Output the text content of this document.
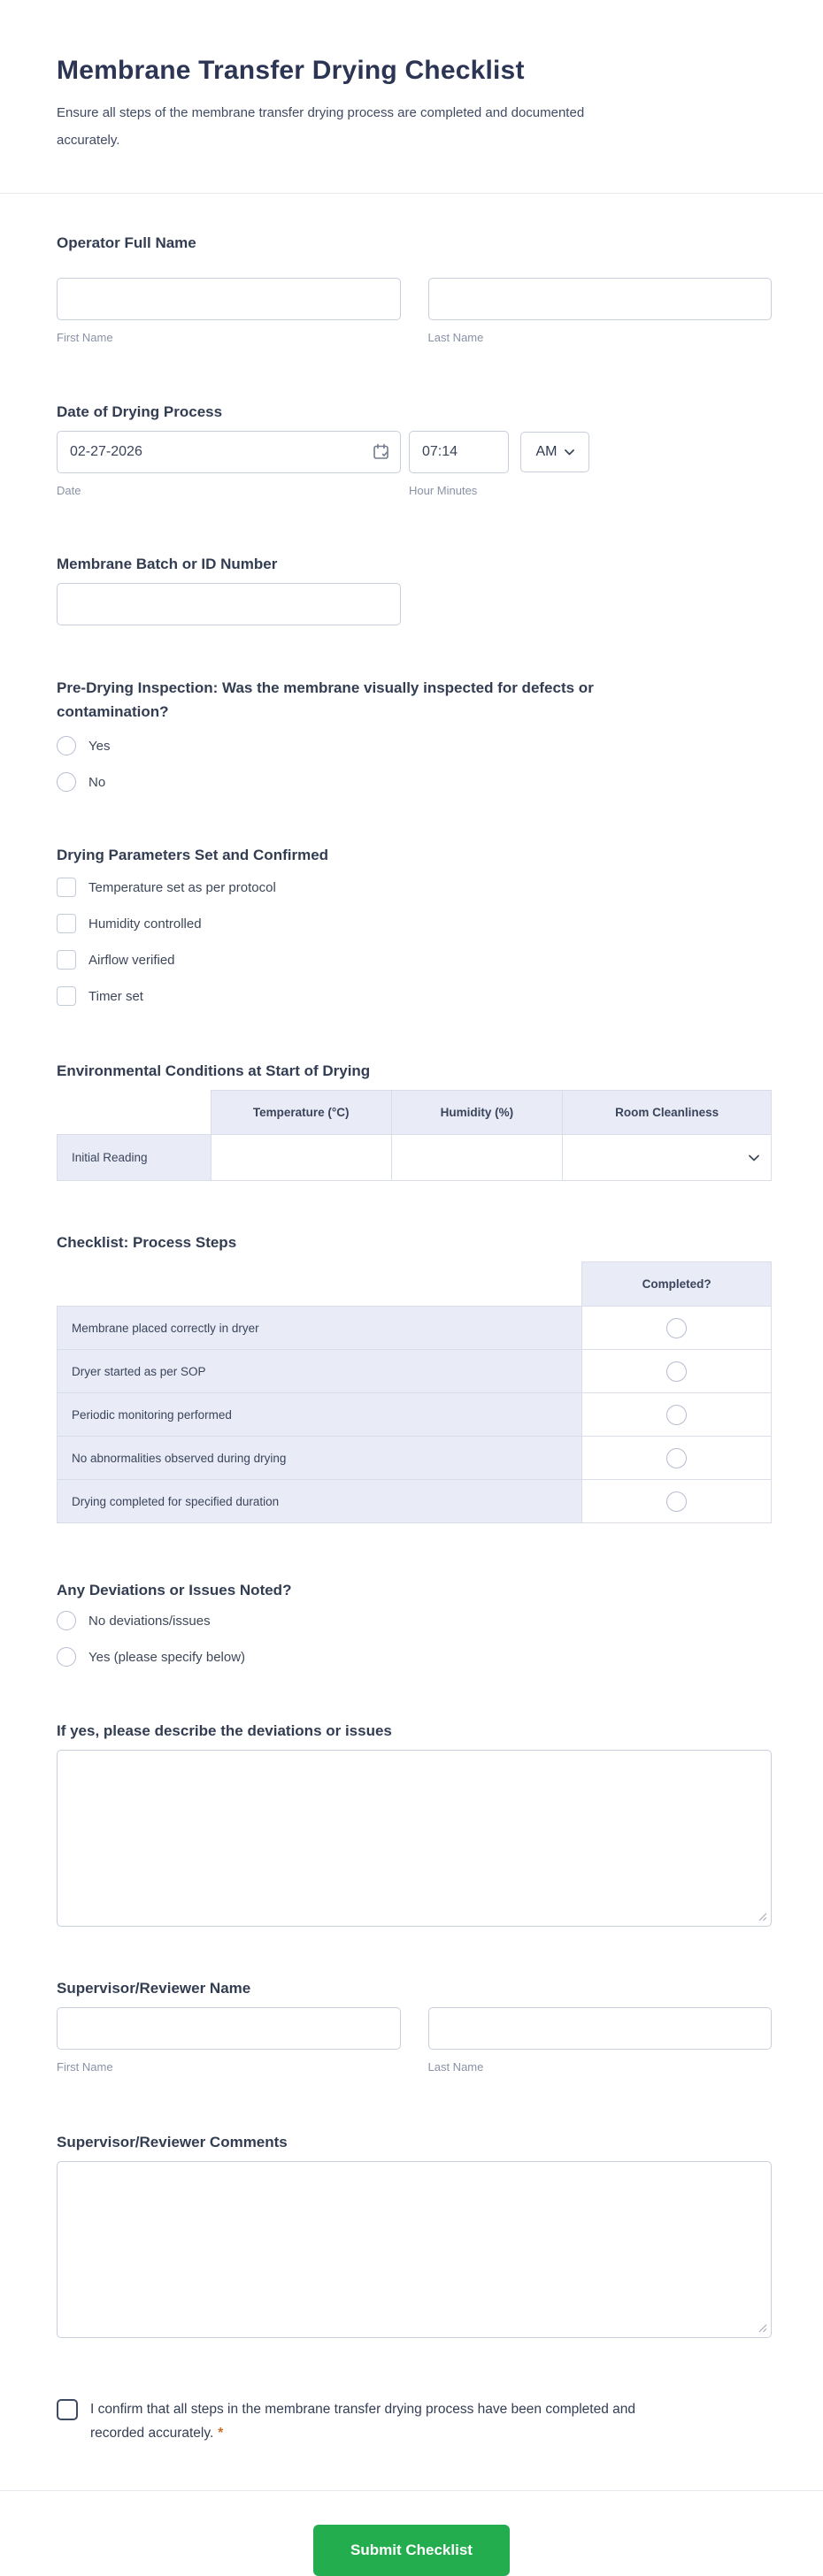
Membrane Transfer Drying Checklist
Ensure all steps of the membrane transfer drying process are completed and documented accurately.
Operator Full Name
First Name	Last Name
Date of Drying Process
02-27-2026
07:14
AM
Date	Hour Minutes
Membrane Batch or ID Number
Pre-Drying Inspection: Was the membrane visually inspected for defects or contamination?
Yes
No
Drying Parameters Set and Confirmed
Temperature set as per protocol
Humidity controlled
Airflow verified
Timer set
Environmental Conditions at Start of Drying
	Temperature (°C)	Humidity (%)	Room Cleanliness
Initial Reading			
Checklist: Process Steps
	Completed?
Membrane placed correctly in dryer	
Dryer started as per SOP	
Periodic monitoring performed	
No abnormalities observed during drying	
Drying completed for specified duration	
Any Deviations or Issues Noted?
No deviations/issues
Yes (please specify below)
If yes, please describe the deviations or issues
Supervisor/Reviewer Name
First Name	Last Name
Supervisor/Reviewer Comments
I confirm that all steps in the membrane transfer drying process have been completed and recorded accurately. *
Submit Checklist
